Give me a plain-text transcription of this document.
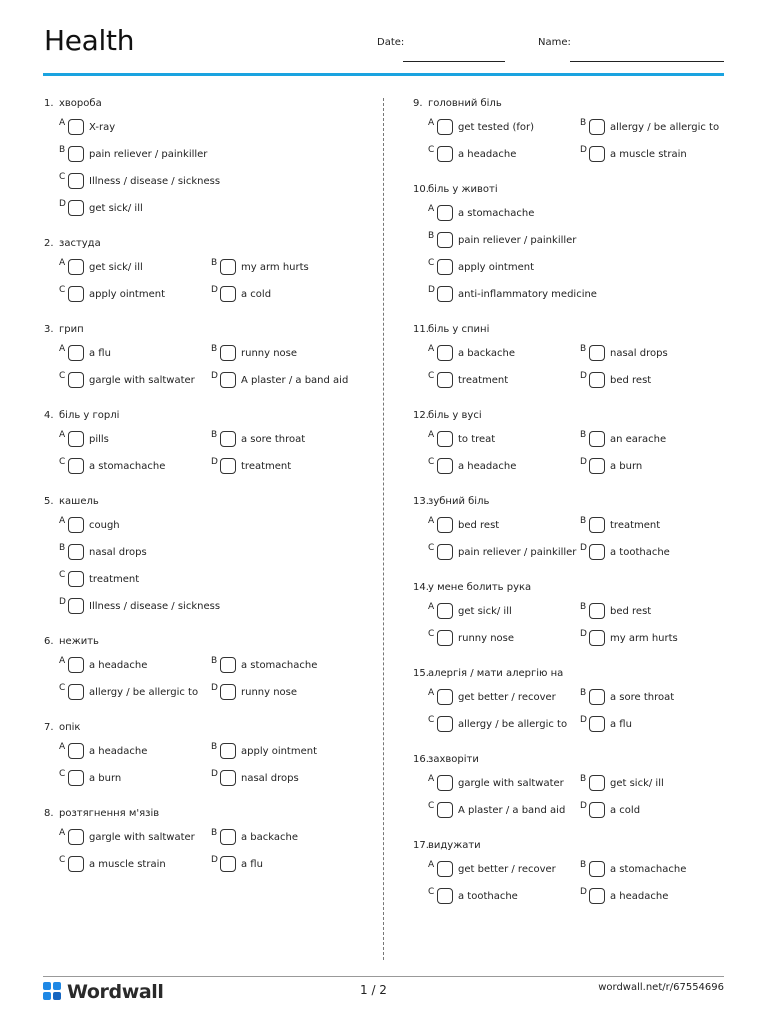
Health	Date:	Name:
1. хвороба
A X-ray
B pain reliever / painkiller
C Illness / disease / sickness
D get sick/ ill
2. застуда
A get sick/ ill	B my arm hurts
C apply ointment	D a cold
3. грип
A a flu	B runny nose
C gargle with saltwater D A plaster / a band aid
4. біль у горлі
A pills	B a sore throat
C a stomachache	D treatment
5. кашель
A cough
B nasal drops
C treatment
D Illness / disease / sickness
6. нежить
A a headache	B a stomachache
C allergy / be allergic to D runny nose
7. опік
A a headache	B apply ointment
C a burn	D nasal drops
8. розтягнення м'язів
A gargle with saltwater B a backache
C a muscle strain	D a flu
9. головний біль
A get tested (for)	B allergy / be allergic to
C a headache	D a muscle strain
10.біль у животі
A a stomachache
B pain reliever / painkiller
C apply ointment
D anti-inflammatory medicine
11.біль у спині
A a backache	B nasal drops
C treatment	D bed rest
12.біль у вусі
A to treat	B an earache
C a headache	D a burn
13.зубний біль
A bed rest	B treatment
C pain reliever / painkiller D a toothache
14.у мене болить рука
A get sick/ ill	B bed rest
C runny nose	D my arm hurts
15.алергія / мати алергію на
A get better / recover	B a sore throat
C allergy / be allergic to D a flu
16.захворіти
A gargle with saltwater B get sick/ ill
C A plaster / a band aid D a cold
17.видужати
A get better / recover	B a stomachache
C a toothache	D a headache
Wordwall	1 / 2	wordwall.net/r/67554696
